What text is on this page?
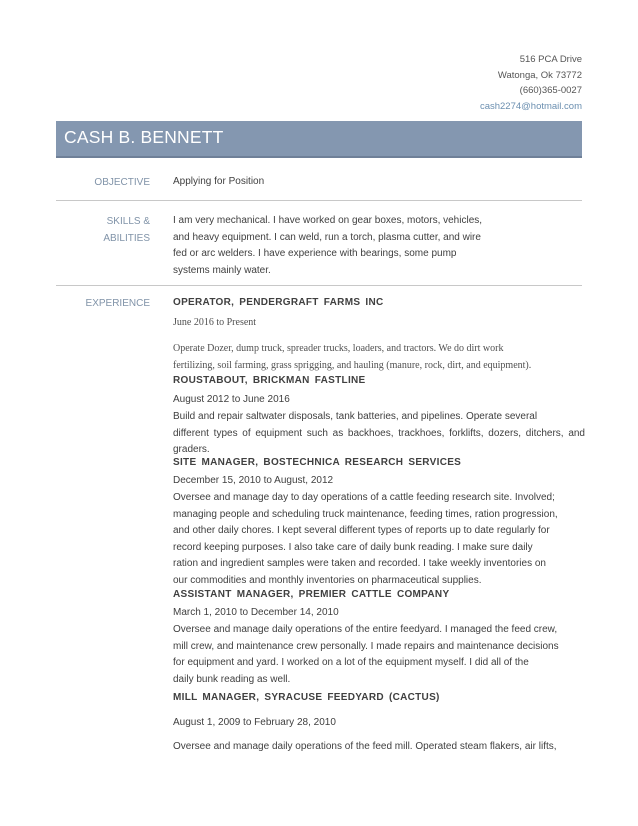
516 PCA Drive
Watonga, Ok 73772
(660)365-0027
cash2274@hotmail.com
CASH B. BENNETT
OBJECTIVE Applying for Position
SKILLS &
ABILITIES

I am very mechanical. I have worked on gear boxes, motors, vehicles,

and heavy equipment. I can weld, run a torch, plasma cutter, and wire

fed or arc welders. I have experience with bearings, some pump

systems mainly water.

EXPERIENCE OPERATOR, PENDERGRAFT FARMS INC
June 2016 to Present

Operate Dozer, dump truck, spreader trucks, loaders, and tractors. We do dirt work

fertilizing, soil farming, grass sprigging, and hauling (manure, rock, dirt, and equipment).

ROUSTABOUT, BRICKMAN FASTLINE
August 2012 to June 2016

Build and repair saltwater disposals, tank batteries, and pipelines. Operate several

different types of equipment such as backhoes, trackhoes, forklifts, dozers, ditchers, and

graders.

SITE MANAGER, BOSTECHNICA RESEARCH SERVICES
December 15, 2010 to August, 2012

Oversee and manage day to day operations of a cattle feeding research site. Involved;

managing people and scheduling truck maintenance, feeding times, ration progression,

and other daily chores. I kept several different types of reports up to date regularly for

record keeping purposes. I also take care of daily bunk reading. I make sure daily

ration and ingredient samples were taken and recorded. I take weekly inventories on

our commodities and monthly inventories on pharmaceutical supplies.

ASSISTANT MANAGER, PREMIER CATTLE COMPANY
March 1, 2010 to December 14, 2010

Oversee and manage daily operations of the entire feedyard. I managed the feed crew,

mill crew, and maintenance crew personally. I made repairs and maintenance decisions

for equipment and yard. I worked on a lot of the equipment myself. I did all of the

daily bunk reading as well.

MILL MANAGER, SYRACUSE FEEDYARD (CACTUS)
August 1, 2009 to February 28, 2010

Oversee and manage daily operations of the feed mill. Operated steam flakers, air lifts,
